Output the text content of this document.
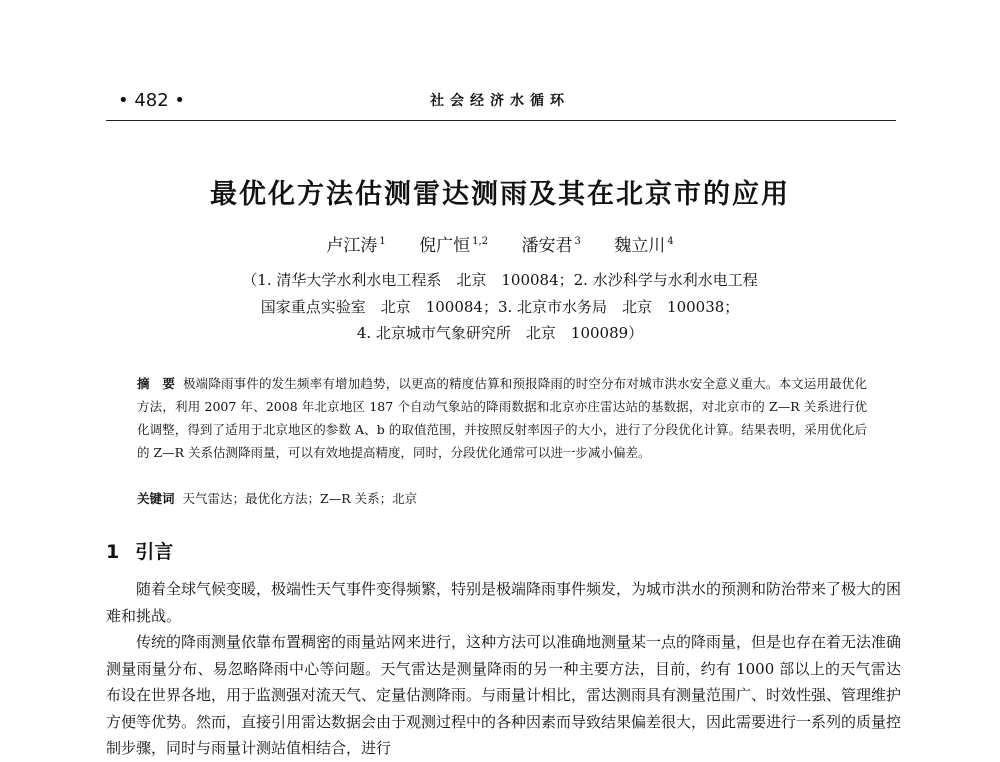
• 482 •	社会经济水循环
最优化方法估测雷达测雨及其在北京市的应用
卢江涛 $^1$ 倪广恒 $^{1,2}$ 潘安君 $^3$ 魏立川 $^4$
（1. 清华大学水利水电工程系　北京　100084；2. 水沙科学与水利水电工程
国家重点实验室　北京　100084；3. 北京市水务局　北京　100038；
4. 北京城市气象研究所　北京　100089）
摘　要 极端降雨事件的发生频率有增加趋势，以更高的精度估算和预报降雨的时空分布对城市洪水安全意义重大。本文运用最优化方法，利用 2007 年、2008 年北京地区 187 个自动气象站的降雨数据和北京亦庄雷达站的基数据，对北京市的 Z—R 关系进行优化调整，得到了适用于北京地区的参数 A、b 的取值范围，并按照反射率因子的大小，进行了分段优化计算。结果表明，采用优化后的 Z—R 关系估测降雨量，可以有效地提高精度，同时，分段优化通常可以进一步减小偏差。
关键词 天气雷达；最优化方法；Z—R 关系；北京
1 引言

随着全球气候变暖，极端性天气事件变得频繁，特别是极端降雨事件频发，为城市洪水的预测和防治带来了极大的困难和挑战。

传统的降雨测量依靠布置稠密的雨量站网来进行，这种方法可以准确地测量某一点的降雨量，但是也存在着无法准确测量雨量分布、易忽略降雨中心等问题。天气雷达是测量降雨的另一种主要方法，目前，约有 1000 部以上的天气雷达布设在世界各地，用于监测强对流天气、定量估测降雨。与雨量计相比，雷达测雨具有测量范围广、时效性强、管理维护方便等优势。然而，直接引用雷达数据会由于观测过程中的各种因素而导致结果偏差很大，因此需要进行一系列的质量控制步骤，同时与雨量计测站值相结合，进行
